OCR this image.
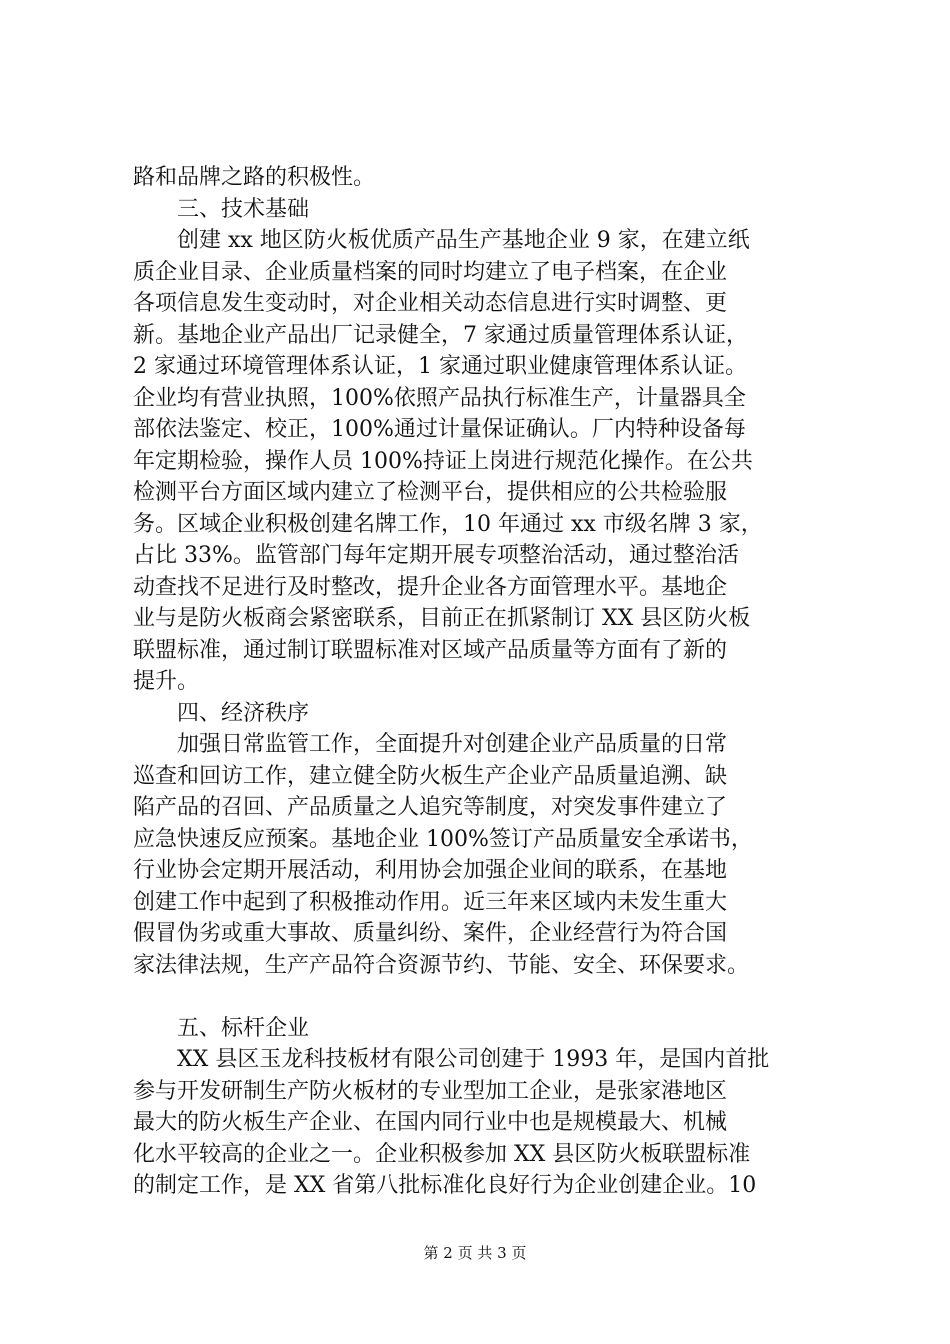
路和品牌之路的积极性。
三、技术基础
创建 xx 地区防火板优质产品生产基地企业 9 家，在建立纸
质企业目录、企业质量档案的同时均建立了电子档案，在企业
各项信息发生变动时，对企业相关动态信息进行实时调整、更
新。基地企业产品出厂记录健全，7 家通过质量管理体系认证，
2 家通过环境管理体系认证，1 家通过职业健康管理体系认证。
企业均有营业执照，100%依照产品执行标准生产，计量器具全
部依法鉴定、校正，100%通过计量保证确认。厂内特种设备每
年定期检验，操作人员 100%持证上岗进行规范化操作。在公共
检测平台方面区域内建立了检测平台，提供相应的公共检验服
务。区域企业积极创建名牌工作，10 年通过 xx 市级名牌 3 家，
占比 33%。监管部门每年定期开展专项整治活动，通过整治活
动查找不足进行及时整改，提升企业各方面管理水平。基地企
业与是防火板商会紧密联系，目前正在抓紧制订 XX 县区防火板
联盟标准，通过制订联盟标准对区域产品质量等方面有了新的
提升。
四、经济秩序
加强日常监管工作，全面提升对创建企业产品质量的日常
巡查和回访工作，建立健全防火板生产企业产品质量追溯、缺
陷产品的召回、产品质量之人追究等制度，对突发事件建立了
应急快速反应预案。基地企业 100%签订产品质量安全承诺书，
行业协会定期开展活动，利用协会加强企业间的联系，在基地
创建工作中起到了积极推动作用。近三年来区域内未发生重大
假冒伪劣或重大事故、质量纠纷、案件，企业经营行为符合国
家法律法规，生产产品符合资源节约、节能、安全、环保要求。
五、标杆企业
XX 县区玉龙科技板材有限公司创建于 1993 年，是国内首批
参与开发研制生产防火板材的专业型加工企业，是张家港地区
最大的防火板生产企业、在国内同行业中也是规模最大、机械
化水平较高的企业之一。企业积极参加 XX 县区防火板联盟标准
的制定工作，是 XX 省第八批标准化良好行为企业创建企业。10
第 2 页 共 3 页
